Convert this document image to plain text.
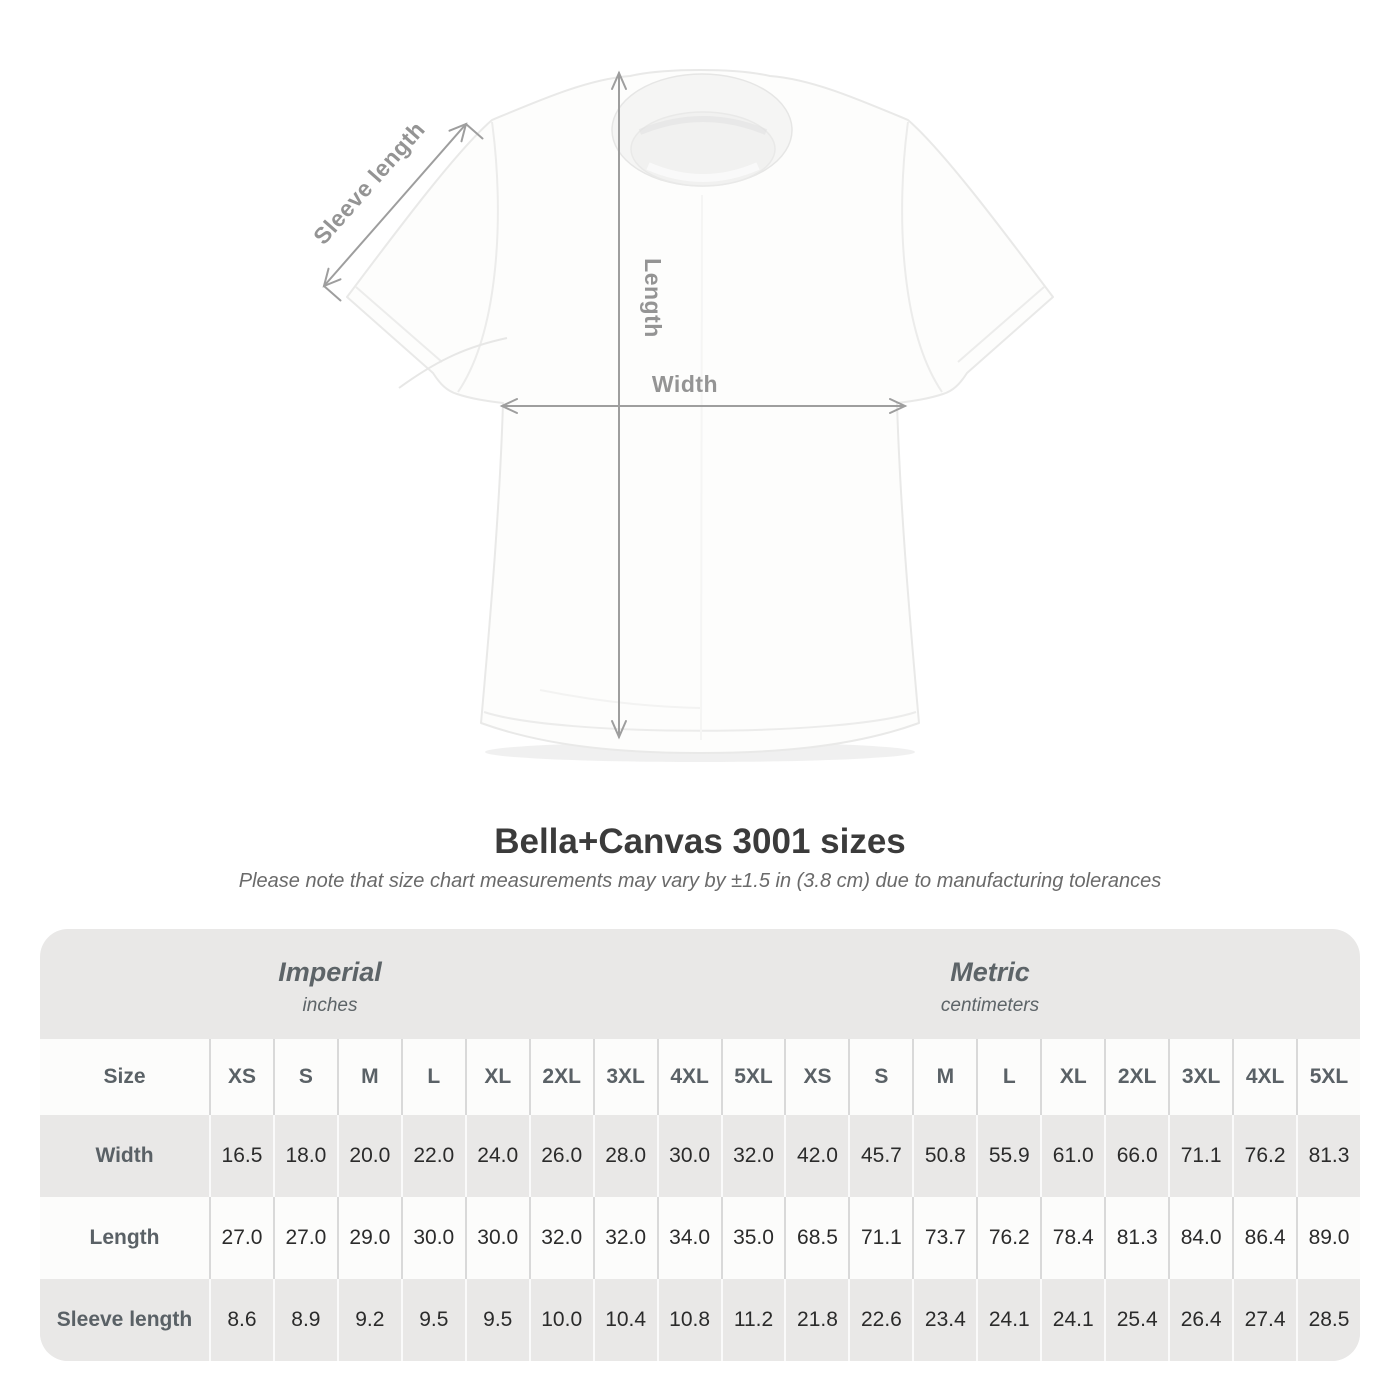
Sleeve length
Length
Width
Bella+Canvas 3001 sizes

Please note that size chart measurements may vary by ±1.5 in (3.8 cm) due to manufacturing tolerances

Imperial
inches
Metric
centimeters
Size	XS	S	M	L	XL	2XL	3XL	4XL	5XL	XS	S	M	L	XL	2XL	3XL	4XL	5XL
Width	16.5	18.0	20.0	22.0	24.0	26.0	28.0	30.0	32.0	42.0	45.7	50.8	55.9	61.0	66.0	71.1	76.2	81.3
Length	27.0	27.0	29.0	30.0	30.0	32.0	32.0	34.0	35.0	68.5	71.1	73.7	76.2	78.4	81.3	84.0	86.4	89.0
Sleeve length	8.6	8.9	9.2	9.5	9.5	10.0	10.4	10.8	11.2	21.8	22.6	23.4	24.1	24.1	25.4	26.4	27.4	28.5
